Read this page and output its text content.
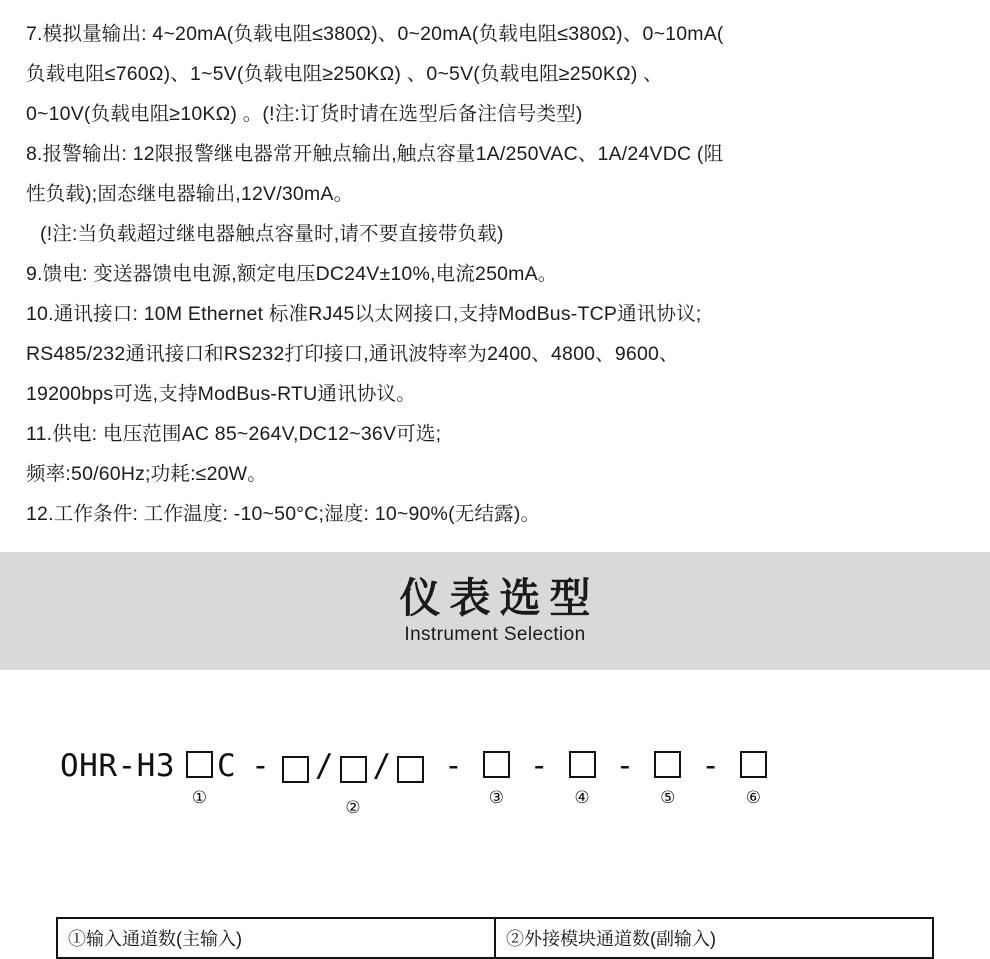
7.模拟量输出: 4~20mA(负载电阻≤380Ω)、0~20mA(负载电阻≤380Ω)、0~10mA(
负载电阻≤760Ω)、1~5V(负载电阻≥250KΩ) 、0~5V(负载电阻≥250KΩ) 、
0~10V(负载电阻≥10KΩ) 。(!注:订货时请在选型后备注信号类型)
8.报警输出: 12限报警继电器常开触点输出,触点容量1A/250VAC、1A/24VDC (阻
性负载);固态继电器输出,12V/30mA。
(!注:当负载超过继电器触点容量时,请不要直接带负载)
9.馈电: 变送器馈电电源,额定电压DC24V±10%,电流250mA。
10.通讯接口: 10M Ethernet 标准RJ45以太网接口,支持ModBus-TCP通讯协议;
RS485/232通讯接口和RS232打印接口,通讯波特率为2400、4800、9600、
19200bps可选,支持ModBus-RTU通讯协议。
11.供电: 电压范围AC 85~264V,DC12~36V可选;
频率:50/60Hz;功耗:≤20W。
12.工作条件: 工作温度: -10~50°C;湿度: 10~90%(无结露)。
仪表选型
Instrument Selection
OHR-H3
①
C - / /
②
-
③
-
④
-
⑤
-
⑥
①输入通道数(主输入)	②外接模块通道数(副输入)
